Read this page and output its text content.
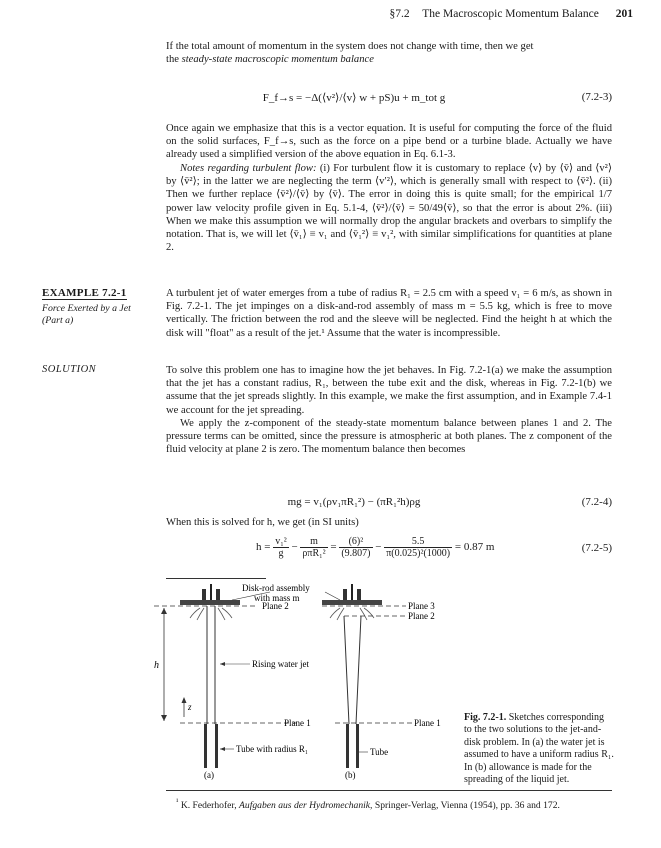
§7.2 The Macroscopic Momentum Balance 201

If the total amount of momentum in the system does not change with time, then we get

the steady-state macroscopic momentum balance

F_f→s = −Δ(⟨v²⟩/⟨v⟩ w + pS)u + m_tot g	(7.2-3)

Once again we emphasize that this is a vector equation. It is useful for computing the force of the fluid on the solid surfaces, F_f→s, such as the force on a pipe bend or a turbine blade. Actually we have already used a simplified version of the above equation in Eq. 6.1-3.

Notes regarding turbulent flow: (i) For turbulent flow it is customary to replace ⟨v⟩ by ⟨v̄⟩ and ⟨v²⟩ by ⟨v̄²⟩; in the latter we are neglecting the term ⟨v′²⟩, which is generally small with respect to ⟨v̄²⟩. (ii) Then we further replace ⟨v̄²⟩/⟨v̄⟩ by ⟨v̄⟩. The error in doing this is quite small; for the empirical 1/7 power law velocity profile given in Eq. 5.1-4, ⟨v̄²⟩/⟨v̄⟩ = 50/49⟨v̄⟩, so that the error is about 2%. (iii) When we make this assumption we will normally drop the angular brackets and overbars to simplify the notation. That is, we will let ⟨v̄₁⟩ ≡ v₁ and ⟨v̄₁²⟩ ≡ v₁², with similar simplifications for quantities at plane 2.

EXAMPLE 7.2-1
Force Exerted by a Jet
(Part a)

A turbulent jet of water emerges from a tube of radius R₁ = 2.5 cm with a speed v₁ = 6 m/s, as shown in Fig. 7.2-1. The jet impinges on a disk-and-rod assembly of mass m = 5.5 kg, which is free to move vertically. The friction between the rod and the sleeve will be neglected. Find the height h at which the disk will "float" as a result of the jet.¹ Assume that the water is incompressible.

SOLUTION	To solve this problem one has to imagine how the jet behaves. In Fig. 7.2-1(a) we make the assumption that the jet has a constant radius, R₁, between the tube exit and the disk, whereas in Fig. 7.2-1(b) we assume that the jet spreads slightly. In this example, we make the first assumption, and in Example 7.4-1 we account for the jet spreading.

We apply the z-component of the steady-state momentum balance between planes 1 and 2. The pressure terms can be omitted, since the pressure is atmospheric at both planes. The z component of the fluid velocity at plane 2 is zero. The momentum balance then becomes

mg = v₁(ρv₁πR₁²) − (πR₁²h)ρg	(7.2-4)
When this is solved for h, we get (in SI units)
$h = \frac{\text{v₁²}}{g} - \frac{m}{\text{ρπR₁²}} = \frac{\text{(6)²}}{(9.807)} - \frac{5.5}{\text{π(0.025)²(1000)}} = 0.87$ m	(7.2-5)
Disk-rod assembly
with mass m
Plane 2	Plane 3
Plane 2
h
z
Rising water jet
Plane 1	Plane 1
Tube with radius R₁	Tube
(a)	(b)
Fig. 7.2-1. Sketches corresponding to the two solutions to the jet-and-disk problem. In (a) the water jet is assumed to have a uniform radius R₁. In (b) allowance is made for the spreading of the liquid jet.
$^{^1}$ K. Federhofer, Aufgaben aus der Hydromechanik, Springer-Verlag, Vienna (1954), pp. 36 and 172.
